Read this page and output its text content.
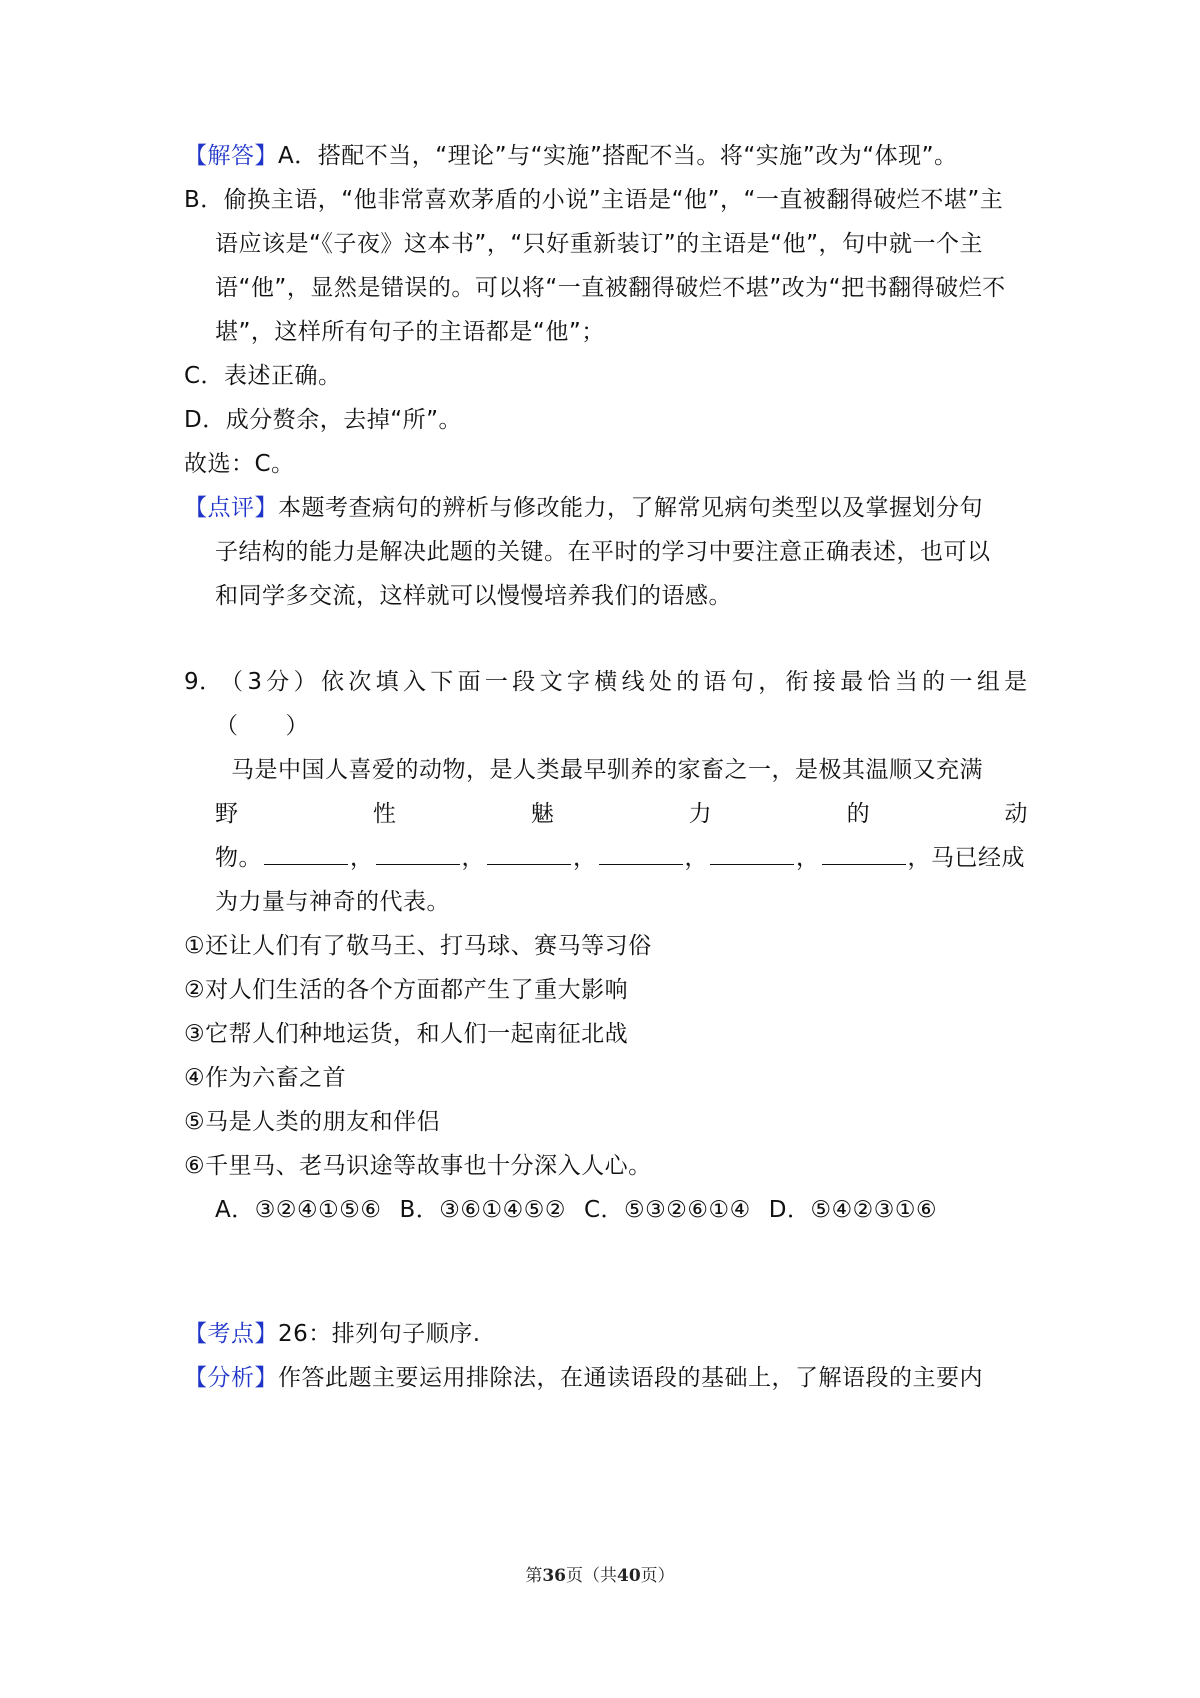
【解答】A．搭配不当，“理论”与“实施”搭配不当。将“实施”改为“体现”。
B．偷换主语，“他非常喜欢茅盾的小说”主语是“他”，“一直被翻得破烂不堪”主
语应该是“《子夜》这本书”，“只好重新装订”的主语是“他”，句中就一个主
语“他”，显然是错误的。可以将“一直被翻得破烂不堪”改为“把书翻得破烂不
堪”，这样所有句子的主语都是“他”；
C．表述正确。
D．成分赘余，去掉“所”。
故选：C。
【点评】本题考查病句的辨析与修改能力，了解常见病句类型以及掌握划分句
子结构的能力是解决此题的关键。在平时的学习中要注意正确表述，也可以
和同学多交流，这样就可以慢慢培养我们的语感。
9．
（ 3 分 ） 依 次 填 入 下 面 一 段 文 字 横 线 处 的 语 句 ， 衔 接 最 恰 当 的 一 组 是
（　　）
马是中国人喜爱的动物，是人类最早驯养的家畜之一，是极其温顺又充满
野	性	魅	力	的	动
物。	，	，	，	，	，	，马已经成
为力量与神奇的代表。
①还让人们有了敬马王、打马球、赛马等习俗
②对人们生活的各个方面都产生了重大影响
③它帮人们种地运货，和人们一起南征北战
④作为六畜之首
⑤马是人类的朋友和伴侣
⑥千里马、老马识途等故事也十分深入人心。
A．③②④①⑤⑥ B．③⑥①④⑤② C．⑤③②⑥①④ D．⑤④②③①⑥
【考点】26：排列句子顺序.
【分析】作答此题主要运用排除法，在通读语段的基础上，了解语段的主要内
第36页（共40页）
